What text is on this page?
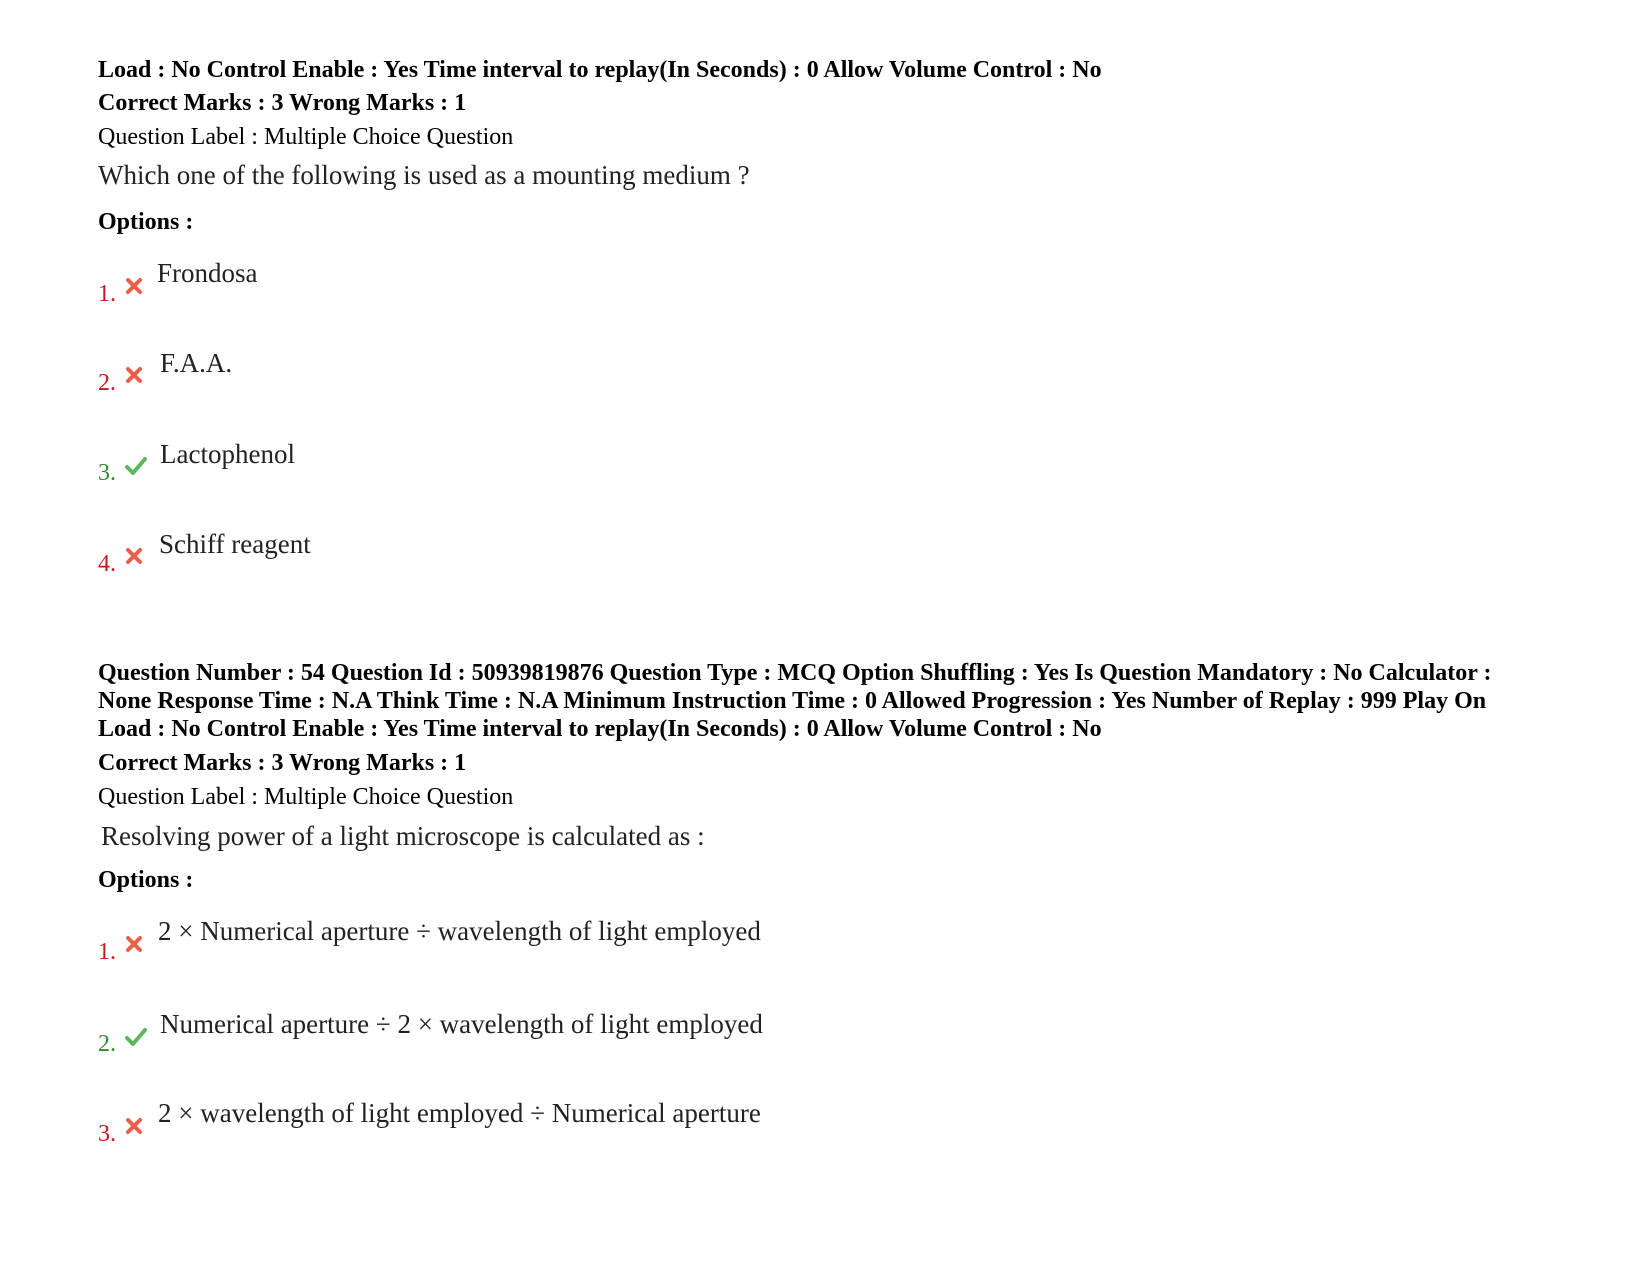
Load : No Control Enable : Yes Time interval to replay(In Seconds) : 0 Allow Volume Control : No
Correct Marks : 3 Wrong Marks : 1
Question Label : Multiple Choice Question
Which one of the following is used as a mounting medium ?
Options :
1.
Frondosa
2.
F.A.A.
3.
Lactophenol
4.
Schiff reagent
Question Number : 54 Question Id : 50939819876 Question Type : MCQ Option Shuffling : Yes Is Question Mandatory : No Calculator :
None Response Time : N.A Think Time : N.A Minimum Instruction Time : 0 Allowed Progression : Yes Number of Replay : 999 Play On
Load : No Control Enable : Yes Time interval to replay(In Seconds) : 0 Allow Volume Control : No
Correct Marks : 3 Wrong Marks : 1
Question Label : Multiple Choice Question
Resolving power of a light microscope is calculated as :
Options :
1.
2 × Numerical aperture ÷ wavelength of light employed
2.
Numerical aperture ÷ 2 × wavelength of light employed
3.
2 × wavelength of light employed ÷ Numerical aperture
